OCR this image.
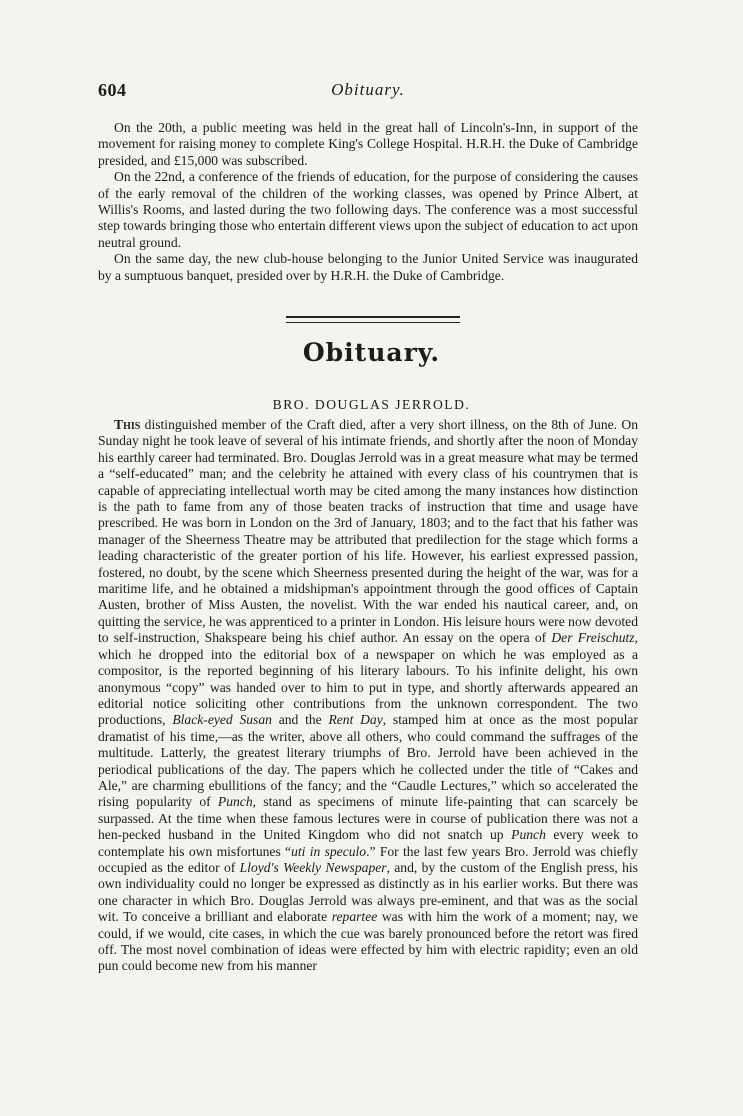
604	Obituary.

On the 20th, a public meeting was held in the great hall of Lincoln's-Inn, in support of the movement for raising money to complete King's College Hospital. H.R.H. the Duke of Cambridge presided, and £15,000 was subscribed.

On the 22nd, a conference of the friends of education, for the purpose of considering the causes of the early removal of the children of the working classes, was opened by Prince Albert, at Willis's Rooms, and lasted during the two following days. The conference was a most successful step towards bringing those who entertain different views upon the subject of education to act upon neutral ground.

On the same day, the new club-house belonging to the Junior United Service was inaugurated by a sumptuous banquet, presided over by H.R.H. the Duke of Cambridge.

Obituary.
BRO. DOUGLAS JERROLD.

This distinguished member of the Craft died, after a very short illness, on the 8th of June. On Sunday night he took leave of several of his intimate friends, and shortly after the noon of Monday his earthly career had terminated. Bro. Douglas Jerrold was in a great measure what may be termed a “self-educated” man; and the celebrity he attained with every class of his countrymen that is capable of appreciating intellectual worth may be cited among the many instances how distinction is the path to fame from any of those beaten tracks of instruction that time and usage have prescribed. He was born in London on the 3rd of January, 1803; and to the fact that his father was manager of the Sheerness Theatre may be attributed that predilection for the stage which forms a leading characteristic of the greater portion of his life. However, his earliest expressed passion, fostered, no doubt, by the scene which Sheerness presented during the height of the war, was for a maritime life, and he obtained a midshipman's appointment through the good offices of Captain Austen, brother of Miss Austen, the novelist. With the war ended his nautical career, and, on quitting the service, he was apprenticed to a printer in London. His leisure hours were now devoted to self-instruction, Shakspeare being his chief author. An essay on the opera of Der Freischutz, which he dropped into the editorial box of a newspaper on which he was employed as a compositor, is the reported beginning of his literary labours. To his infinite delight, his own anonymous “copy” was handed over to him to put in type, and shortly afterwards appeared an editorial notice soliciting other contributions from the unknown correspondent. The two productions, Black-eyed Susan and the Rent Day, stamped him at once as the most popular dramatist of his time,—as the writer, above all others, who could command the suffrages of the multitude. Latterly, the greatest literary triumphs of Bro. Jerrold have been achieved in the periodical publications of the day. The papers which he collected under the title of “Cakes and Ale,” are charming ebullitions of the fancy; and the “Caudle Lectures,” which so accelerated the rising popularity of Punch, stand as specimens of minute life-painting that can scarcely be surpassed. At the time when these famous lectures were in course of publication there was not a hen-pecked husband in the United Kingdom who did not snatch up Punch every week to contemplate his own misfortunes “uti in speculo.” For the last few years Bro. Jerrold was chiefly occupied as the editor of Lloyd's Weekly Newspaper, and, by the custom of the English press, his own individuality could no longer be expressed as distinctly as in his earlier works. But there was one character in which Bro. Douglas Jerrold was always pre-eminent, and that was as the social wit. To conceive a brilliant and elaborate repartee was with him the work of a moment; nay, we could, if we would, cite cases, in which the cue was barely pronounced before the retort was fired off. The most novel combination of ideas were effected by him with electric rapidity; even an old pun could become new from his manner
